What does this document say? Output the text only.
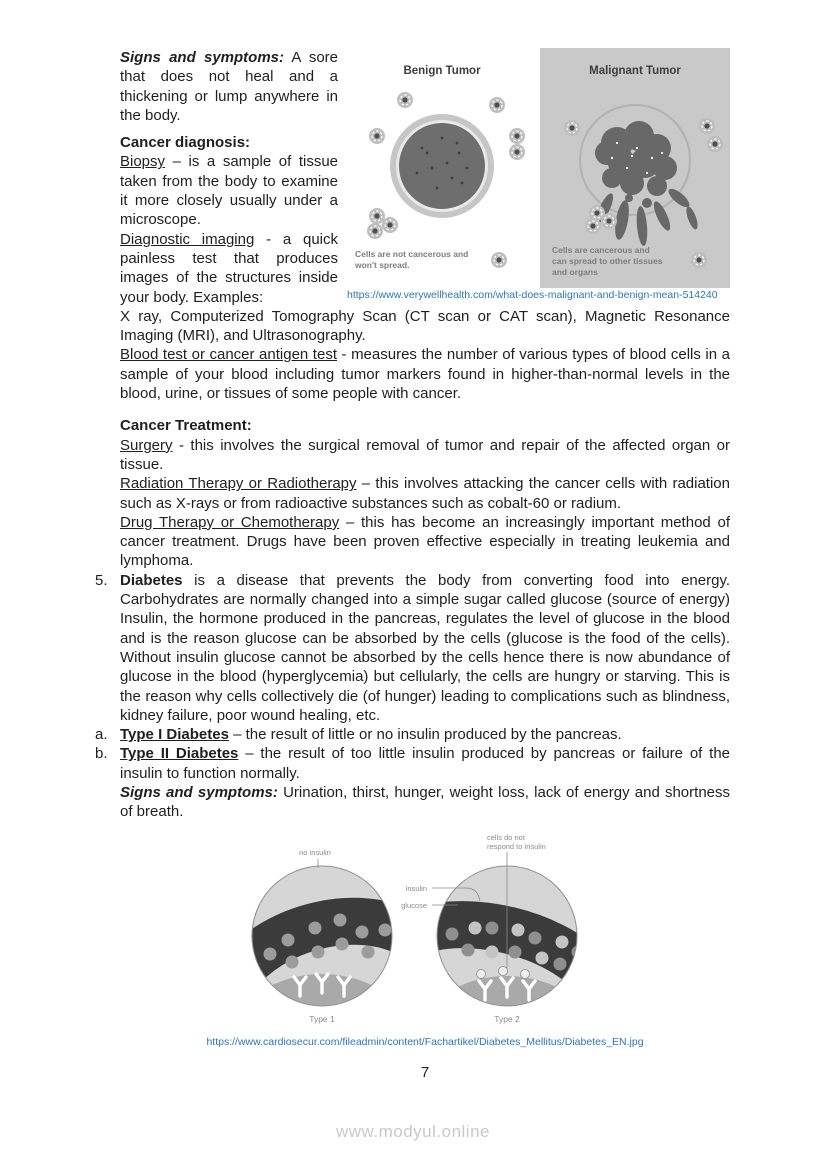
Signs and symptoms: A sore that does not heal and a thickening or lump anywhere in the body.

Cancer diagnosis:

Biopsy – is a sample of tissue taken from the body to examine it more closely usually under a microscope.

Diagnostic imaging - a quick painless test that produces images of the structures inside your body. Examples:

Benign Tumor	Malignant Tumor
Cells are not cancerous and
won't spread.
Cells are cancerous and
can spread to other tissues
and organs
https://www.verywellhealth.com/what-does-malignant-and-benign-mean-514240

X ray, Computerized Tomography Scan (CT scan or CAT scan), Magnetic Resonance Imaging (MRI), and Ultrasonography.

Blood test or cancer antigen test - measures the number of various types of blood cells in a sample of your blood including tumor markers found in higher-than-normal levels in the blood, urine, or tissues of some people with cancer.

Cancer Treatment:

Surgery - this involves the surgical removal of tumor and repair of the affected organ or tissue.

Radiation Therapy or Radiotherapy – this involves attacking the cancer cells with radiation such as X-rays or from radioactive substances such as cobalt-60 or radium.

Drug Therapy or Chemotherapy – this has become an increasingly important method of cancer treatment. Drugs have been proven effective especially in treating leukemia and lymphoma.

5. Diabetes is a disease that prevents the body from converting food into energy. Carbohydrates are normally changed into a simple sugar called glucose (source of energy) Insulin, the hormone produced in the pancreas, regulates the level of glucose in the blood and is the reason glucose can be absorbed by the cells (glucose is the food of the cells). Without insulin glucose cannot be absorbed by the cells hence there is now abundance of glucose in the blood (hyperglycemia) but cellularly, the cells are hungry or starving. This is the reason why cells collectively die (of hunger) leading to complications such as blindness, kidney failure, poor wound healing, etc.

a. Type I Diabetes – the result of little or no insulin produced by the pancreas.

b. Type II Diabetes – the result of too little insulin produced by pancreas or failure of the insulin to function normally.

Signs and symptoms: Urination, thirst, hunger, weight loss, lack of energy and shortness of breath.

no insulin
cells do not
respond to insulin
insulin
glucose
Type 1	Type 2
https://www.cardiosecur.com/fileadmin/content/Fachartikel/Diabetes_Mellitus/Diabetes_EN.jpg
7
www.modyul.online
